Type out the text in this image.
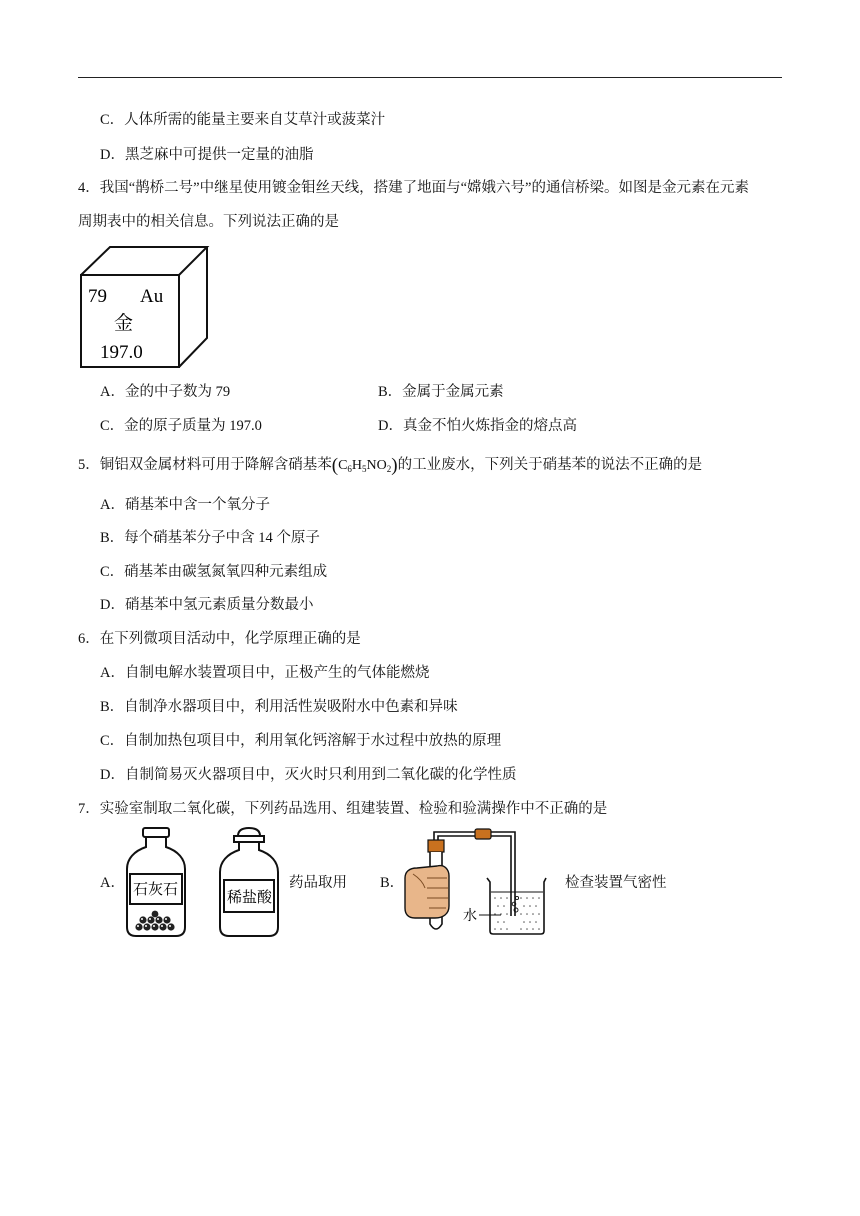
C．人体所需的能量主要来自艾草汁或菠菜汁
D．黑芝麻中可提供一定量的油脂
4．我国“鹊桥二号”中继星使用镀金钼丝天线，搭建了地面与“嫦娥六号”的通信桥梁。如图是金元素在元素
周期表中的相关信息。下列说法正确的是
79 Au
金
197.0
A．金的中子数为 79	B．金属于金属元素
C．金的原子质量为 197.0	D．真金不怕火炼指金的熔点高
5．铜铝双金属材料可用于降解含硝基苯$(C_6H_5NO_2)$的工业废水，下列关于硝基苯的说法不正确的是
A．硝基苯中含一个氧分子
B．每个硝基苯分子中含 14 个原子
C．硝基苯由碳氢氮氧四种元素组成
D．硝基苯中氢元素质量分数最小
6．在下列微项目活动中，化学原理正确的是
A．自制电解水装置项目中，正极产生的气体能燃烧
B．自制净水器项目中，利用活性炭吸附水中色素和异味
C．自制加热包项目中，利用氧化钙溶解于水过程中放热的原理
D．自制简易灭火器项目中，灭火时只利用到二氧化碳的化学性质
7．实验室制取二氧化碳，下列药品选用、组建装置、检验和验满操作中不正确的是
A． 石灰石	稀盐酸
药品取用 B．
水
检查装置气密性
